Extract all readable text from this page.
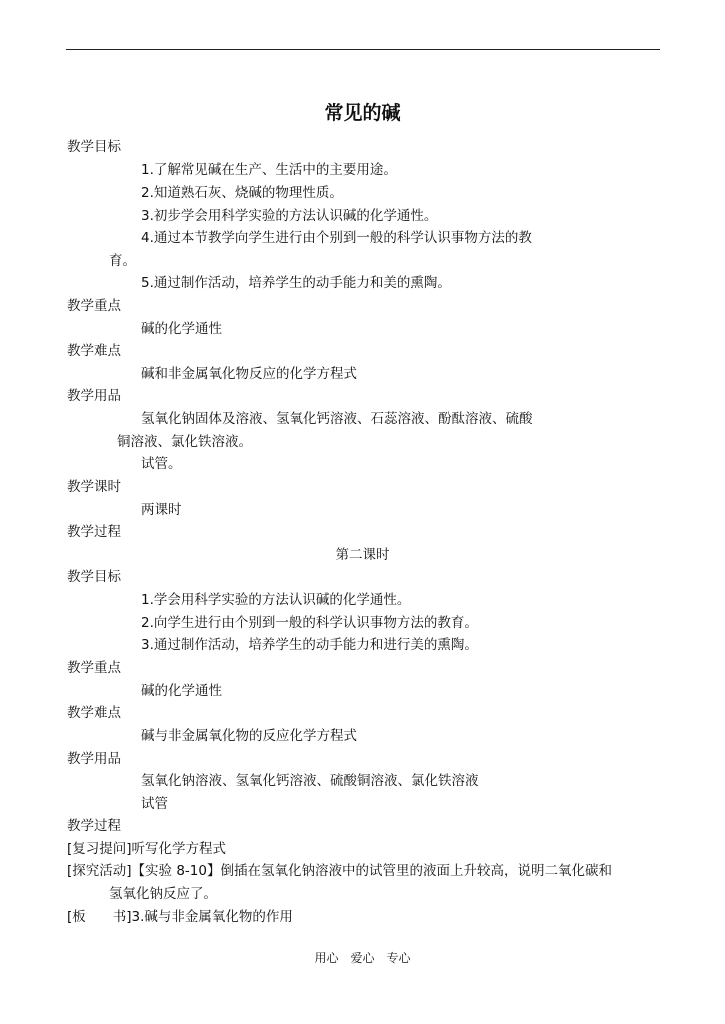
常见的碱
教学目标
1.了解常见碱在生产、生活中的主要用途。
2.知道熟石灰、烧碱的物理性质。
3.初步学会用科学实验的方法认识碱的化学通性。
4.通过本节教学向学生进行由个别到一般的科学认识事物方法的教
育。
5.通过制作活动，培养学生的动手能力和美的熏陶。
教学重点
碱的化学通性
教学难点
碱和非金属氧化物反应的化学方程式
教学用品
氢氧化钠固体及溶液、氢氧化钙溶液、石蕊溶液、酚酞溶液、硫酸
铜溶液、氯化铁溶液。
试管。
教学课时
两课时
教学过程
第二课时
教学目标
1.学会用科学实验的方法认识碱的化学通性。
2.向学生进行由个别到一般的科学认识事物方法的教育。
3.通过制作活动，培养学生的动手能力和进行美的熏陶。
教学重点
碱的化学通性
教学难点
碱与非金属氧化物的反应化学方程式
教学用品
氢氧化钠溶液、氢氧化钙溶液、硫酸铜溶液、氯化铁溶液
试管
教学过程
[复习提问]听写化学方程式
[探究活动]【实验 8-10】倒插在氢氧化钠溶液中的试管里的液面上升较高，说明二氧化碳和
氢氧化钠反应了。
[板　　书]3.碱与非金属氧化物的作用
用心　爱心　专心
